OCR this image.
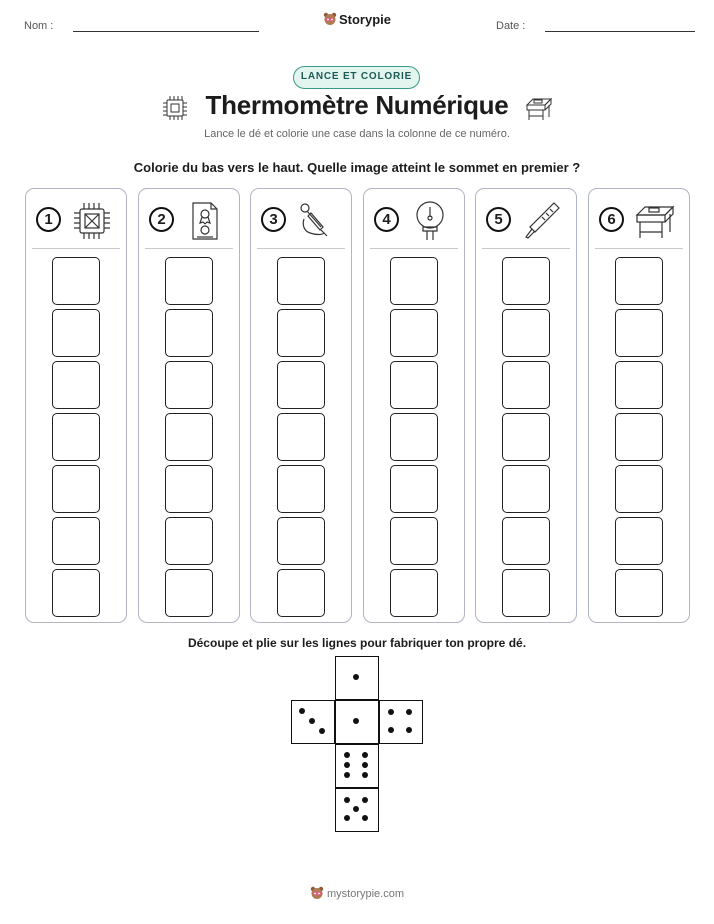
Nom :	Storypie	Date :
LANCE ET COLORIE
Thermomètre Numérique
Lance le dé et colorie une case dans la colonne de ce numéro.
Colorie du bas vers le haut. Quelle image atteint le sommet en premier ?
1	2	3	4	5	6
Découpe et plie sur les lignes pour fabriquer ton propre dé.
mystorypie.com
